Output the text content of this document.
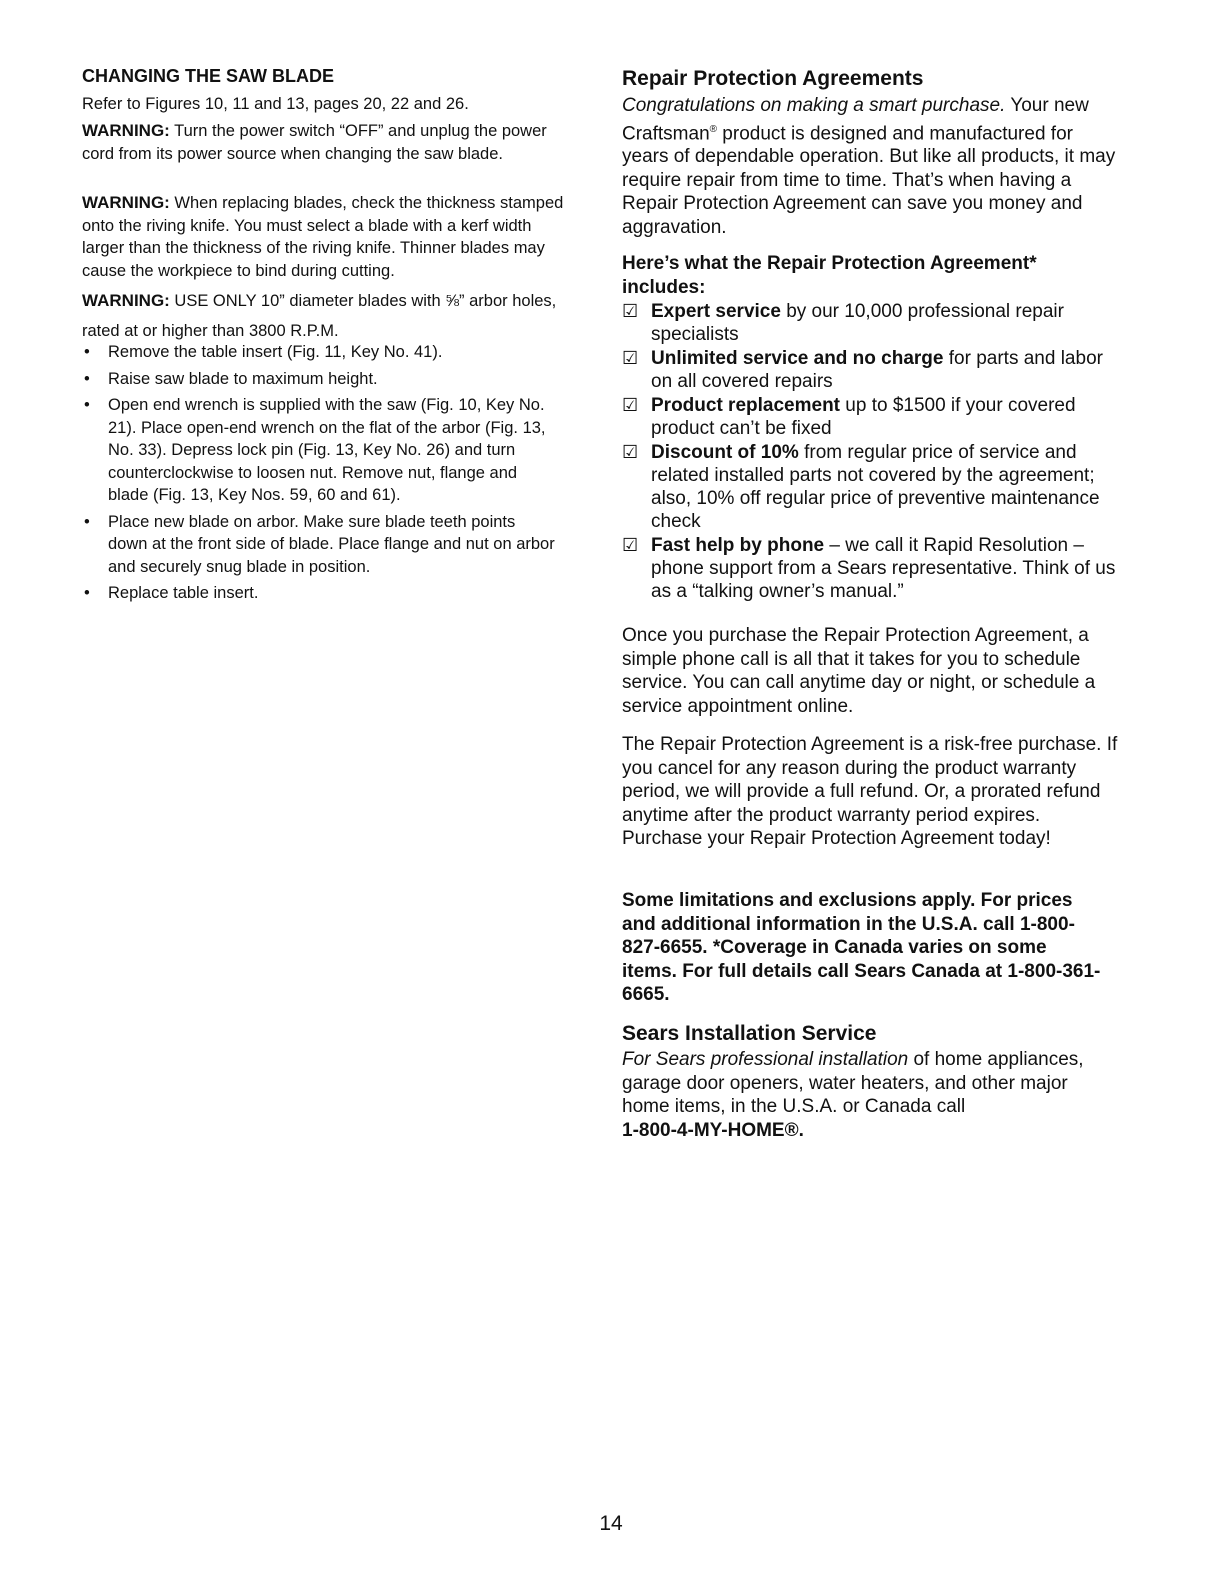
CHANGING THE SAW BLADE

Refer to Figures 10, 11 and 13, pages 20, 22 and 26.

WARNING: Turn the power switch “OFF” and unplug the power cord from its power source when changing the saw blade.

WARNING: When replacing blades, check the thickness stamped onto the riving knife. You must select a blade with a kerf width larger than the thickness of the riving knife. Thinner blades may cause the workpiece to bind during cutting.

WARNING: USE ONLY 10” diameter blades with ⅝” arbor holes, rated at or higher than 3800 R.P.M.

• Remove the table insert (Fig. 11, Key No. 41).
• Raise saw blade to maximum height.
• Open end wrench is supplied with the saw (Fig. 10, Key No. 21). Place open-end wrench on the flat of the arbor (Fig. 13, No. 33). Depress lock pin (Fig. 13, Key No. 26) and turn counterclockwise to loosen nut. Remove nut, flange and blade (Fig. 13, Key Nos. 59, 60 and 61).
• Place new blade on arbor. Make sure blade teeth points down at the front side of blade. Place flange and nut on arbor and securely snug blade in position.
• Replace table insert.
Repair Protection Agreements

Congratulations on making a smart purchase. Your new Craftsman® product is designed and manufactured for years of dependable operation. But like all products, it may require repair from time to time. That’s when having a Repair Protection Agreement can save you money and aggravation.

Here’s what the Repair Protection Agreement* includes:

☑ Expert service by our 10,000 professional repair specialists
☑ Unlimited service and no charge for parts and labor on all covered repairs
☑ Product replacement up to $1500 if your covered product can’t be fixed
☑ Discount of 10% from regular price of service and related installed parts not covered by the agreement; also, 10% off regular price of preventive maintenance check
☑ Fast help by phone – we call it Rapid Resolution – phone support from a Sears representative. Think of us as a “talking owner’s manual.”

Once you purchase the Repair Protection Agreement, a simple phone call is all that it takes for you to schedule service. You can call anytime day or night, or schedule a service appointment online.

The Repair Protection Agreement is a risk-free purchase. If you cancel for any reason during the product warranty period, we will provide a full refund. Or, a prorated refund anytime after the product warranty period expires. Purchase your Repair Protection Agreement today!

Some limitations and exclusions apply. For prices and additional information in the U.S.A. call 1-800-827-6655. *Coverage in Canada varies on some items. For full details call Sears Canada at 1-800-361-6665.

Sears Installation Service

For Sears professional installation of home appliances, garage door openers, water heaters, and other major home items, in the U.S.A. or Canada call
1-800-4-MY-HOME®.

14
